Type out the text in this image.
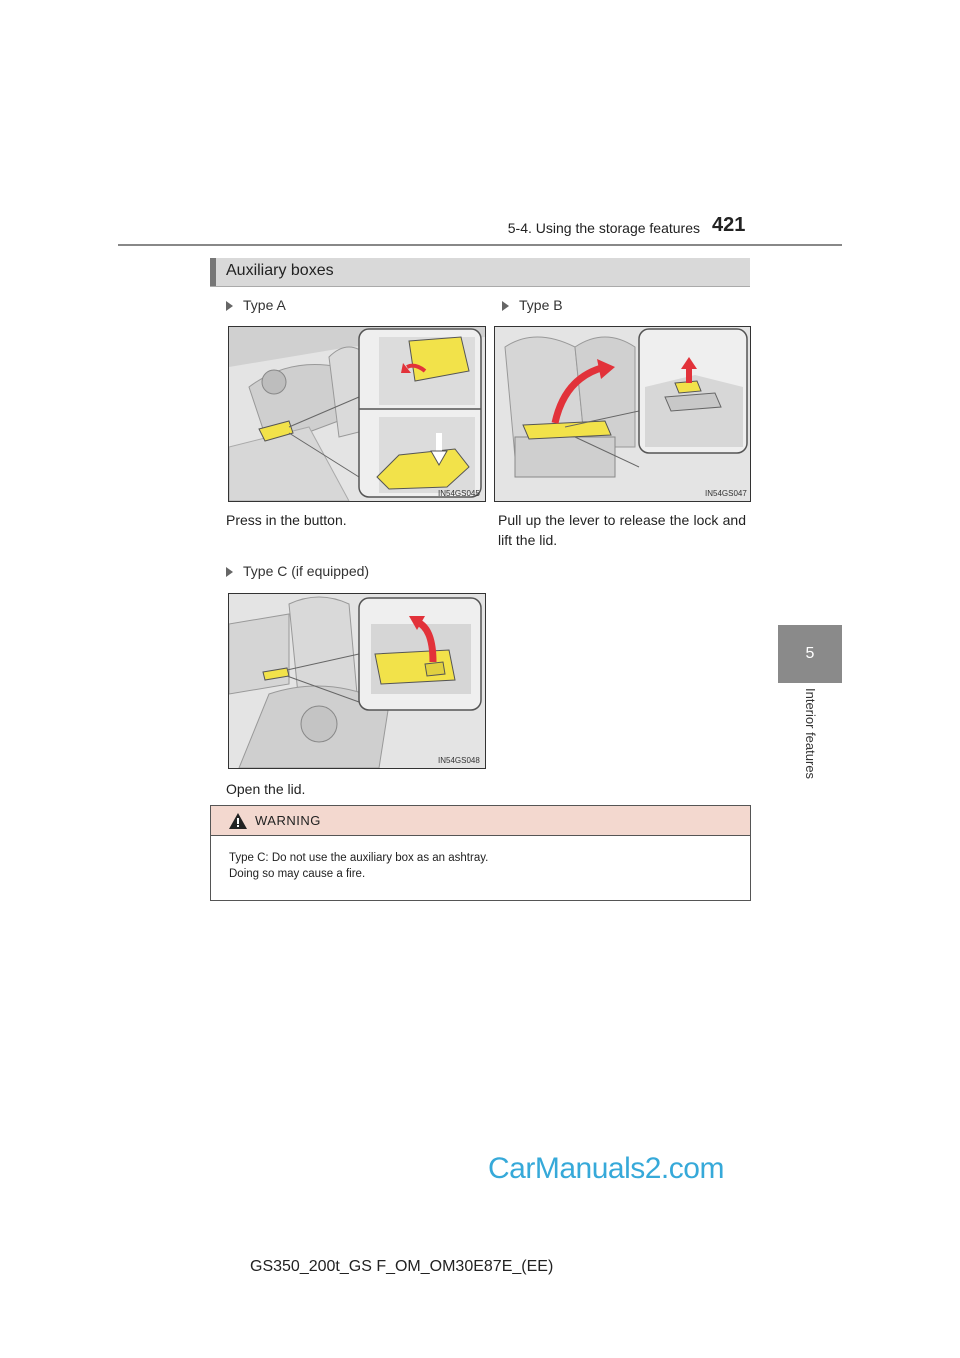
5-4. Using the storage features 421
5
Interior features
Auxiliary boxes
Type A
IN54GS045
Press in the button.
Type B
IN54GS047
Pull up the lever to release the lock and lift the lid.
Type C (if equipped)
IN54GS048
Open the lid.
WARNING
Type C: Do not use the auxiliary box as an ashtray.
Doing so may cause a fire.
GS350_200t_GS F_OM_OM30E87E_(EE)
CarManuals2.com
